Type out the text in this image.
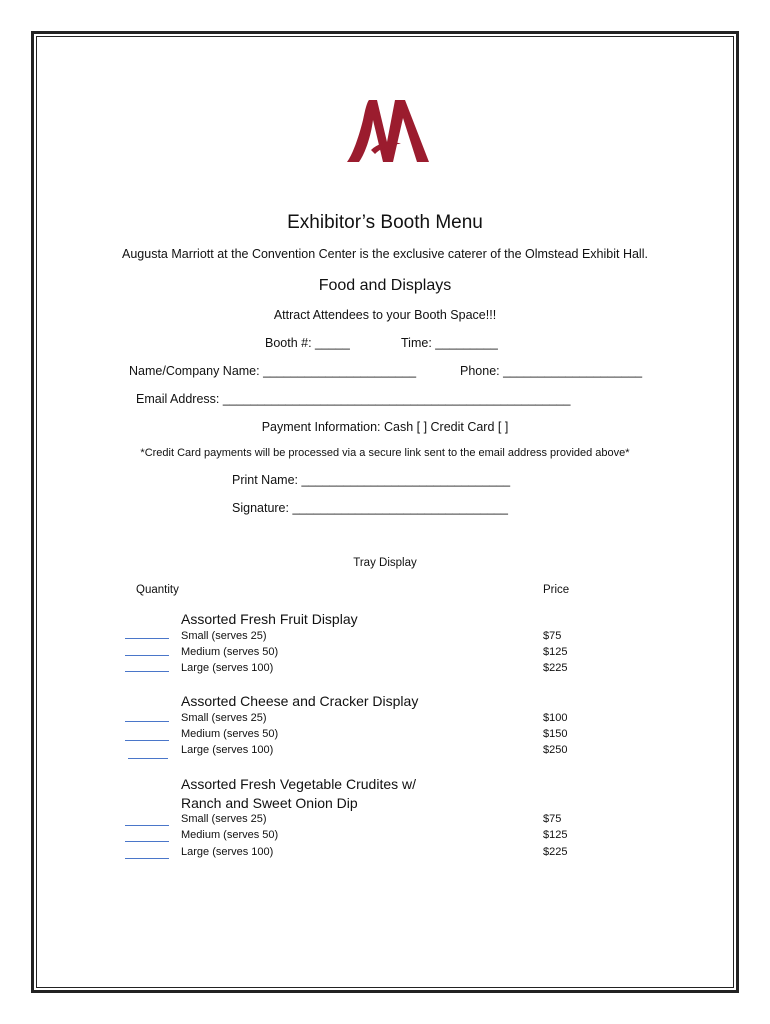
Exhibitor’s Booth Menu
Augusta Marriott at the Convention Center is the exclusive caterer of the Olmstead Exhibit Hall.
Food and Displays
Attract Attendees to your Booth Space!!!
Booth #: _____	Time: _________
Name/Company Name: ______________________	Phone: ____________________
Email Address: __________________________________________________
Payment Information: Cash [ ] Credit Card [ ]
*Credit Card payments will be processed via a secure link sent to the email address provided above*
Print Name: ______________________________
Signature: _______________________________
Tray Display
Quantity	Price
Assorted Fresh Fruit Display
Small (serves 25)	$75
Medium (serves 50)	$125
Large (serves 100)	$225
Assorted Cheese and Cracker Display
Small (serves 25)	$100
Medium (serves 50)	$150
Large (serves 100)	$250
Assorted Fresh Vegetable Crudites w/
Ranch and Sweet Onion Dip
Small (serves 25)	$75
Medium (serves 50)	$125
Large (serves 100)	$225
